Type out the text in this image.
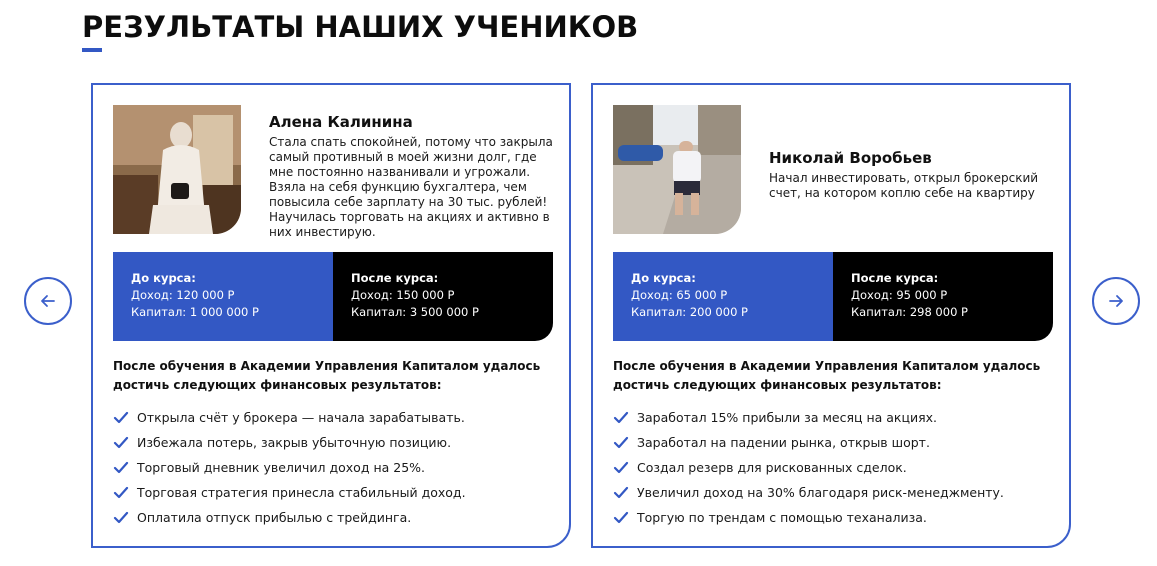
РЕЗУЛЬТАТЫ НАШИХ УЧЕНИКОВ
Алена Калинина
Стала спать спокойней, потому что закрыла самый противный в моей жизни долг, где мне постоянно названивали и угрожали. Взяла на себя функцию бухгалтера, чем повысила себе зарплату на 30 тыс. рублей! Научилась торговать на акциях и активно в них инвестирую.
До курса:
Доход: 120 000 Р
Капитал: 1 000 000 Р
После курса:
Доход: 150 000 Р
Капитал: 3 500 000 Р
После обучения в Академии Управления Капиталом удалось достичь следующих финансовых результатов:
Открыла счёт у брокера — начала зарабатывать.
Избежала потерь, закрыв убыточную позицию.
Торговый дневник увеличил доход на 25%.
Торговая стратегия принесла стабильный доход.
Оплатила отпуск прибылью с трейдинга.
Николай Воробьев
Начал инвестировать, открыл брокерский счет, на котором коплю себе на квартиру
До курса:
Доход: 65 000 Р
Капитал: 200 000 Р
После курса:
Доход: 95 000 Р
Капитал: 298 000 Р
После обучения в Академии Управления Капиталом удалось достичь следующих финансовых результатов:
Заработал 15% прибыли за месяц на акциях.
Заработал на падении рынка, открыв шорт.
Создал резерв для рискованных сделок.
Увеличил доход на 30% благодаря риск-менеджменту.
Торгую по трендам с помощью теханализа.
